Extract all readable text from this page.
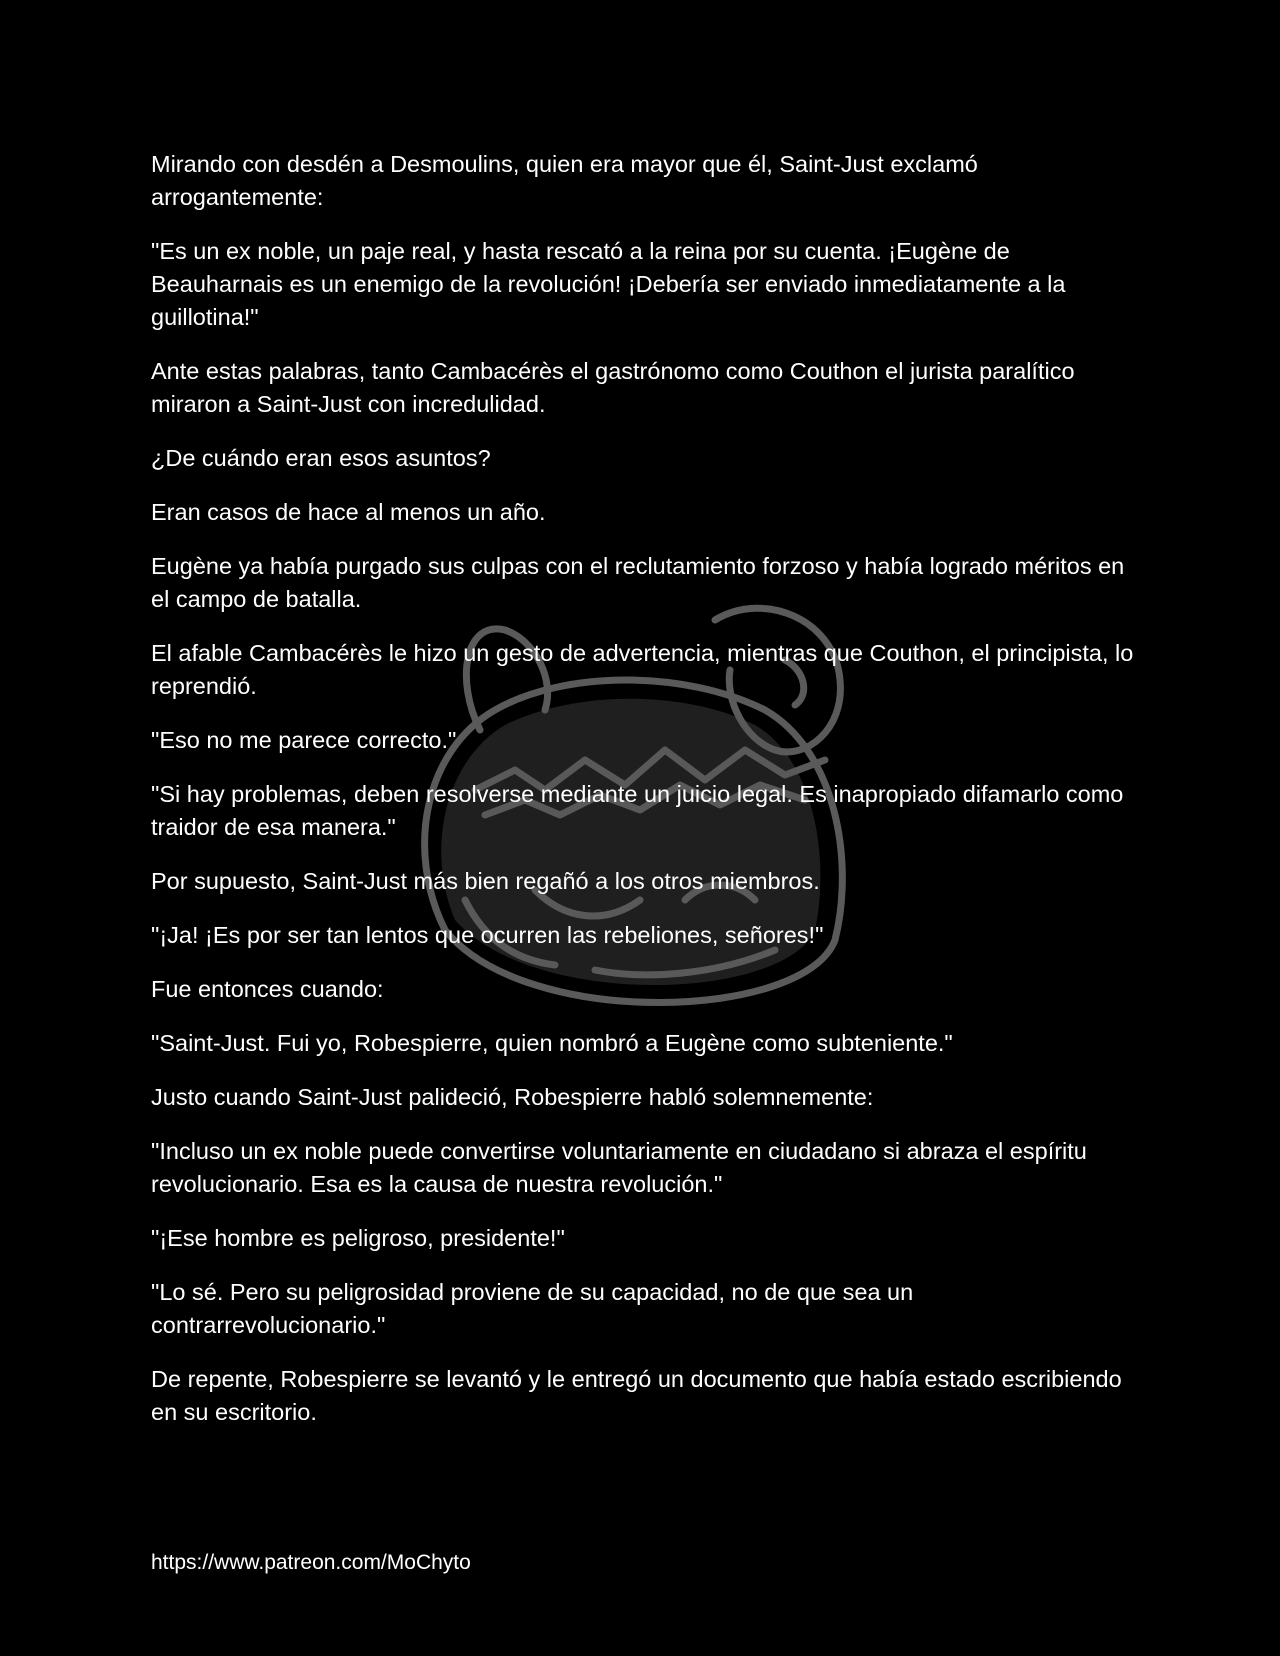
Mirando con desdén a Desmoulins, quien era mayor que él, Saint-Just exclamó arrogantemente:

"Es un ex noble, un paje real, y hasta rescató a la reina por su cuenta. ¡Eugène de Beauharnais es un enemigo de la revolución! ¡Debería ser enviado inmediatamente a la guillotina!"

Ante estas palabras, tanto Cambacérès el gastrónomo como Couthon el jurista paralítico miraron a Saint-Just con incredulidad.

¿De cuándo eran esos asuntos?

Eran casos de hace al menos un año.

Eugène ya había purgado sus culpas con el reclutamiento forzoso y había logrado méritos en el campo de batalla.

El afable Cambacérès le hizo un gesto de advertencia, mientras que Couthon, el principista, lo reprendió.

"Eso no me parece correcto."

"Si hay problemas, deben resolverse mediante un juicio legal. Es inapropiado difamarlo como traidor de esa manera."

Por supuesto, Saint-Just más bien regañó a los otros miembros.

"¡Ja! ¡Es por ser tan lentos que ocurren las rebeliones, señores!"

Fue entonces cuando:

"Saint-Just. Fui yo, Robespierre, quien nombró a Eugène como subteniente."

Justo cuando Saint-Just palideció, Robespierre habló solemnemente:

"Incluso un ex noble puede convertirse voluntariamente en ciudadano si abraza el espíritu revolucionario. Esa es la causa de nuestra revolución."

"¡Ese hombre es peligroso, presidente!"

"Lo sé. Pero su peligrosidad proviene de su capacidad, no de que sea un contrarrevolucionario."

De repente, Robespierre se levantó y le entregó un documento que había estado escribiendo en su escritorio.

https://www.patreon.com/MoChyto
